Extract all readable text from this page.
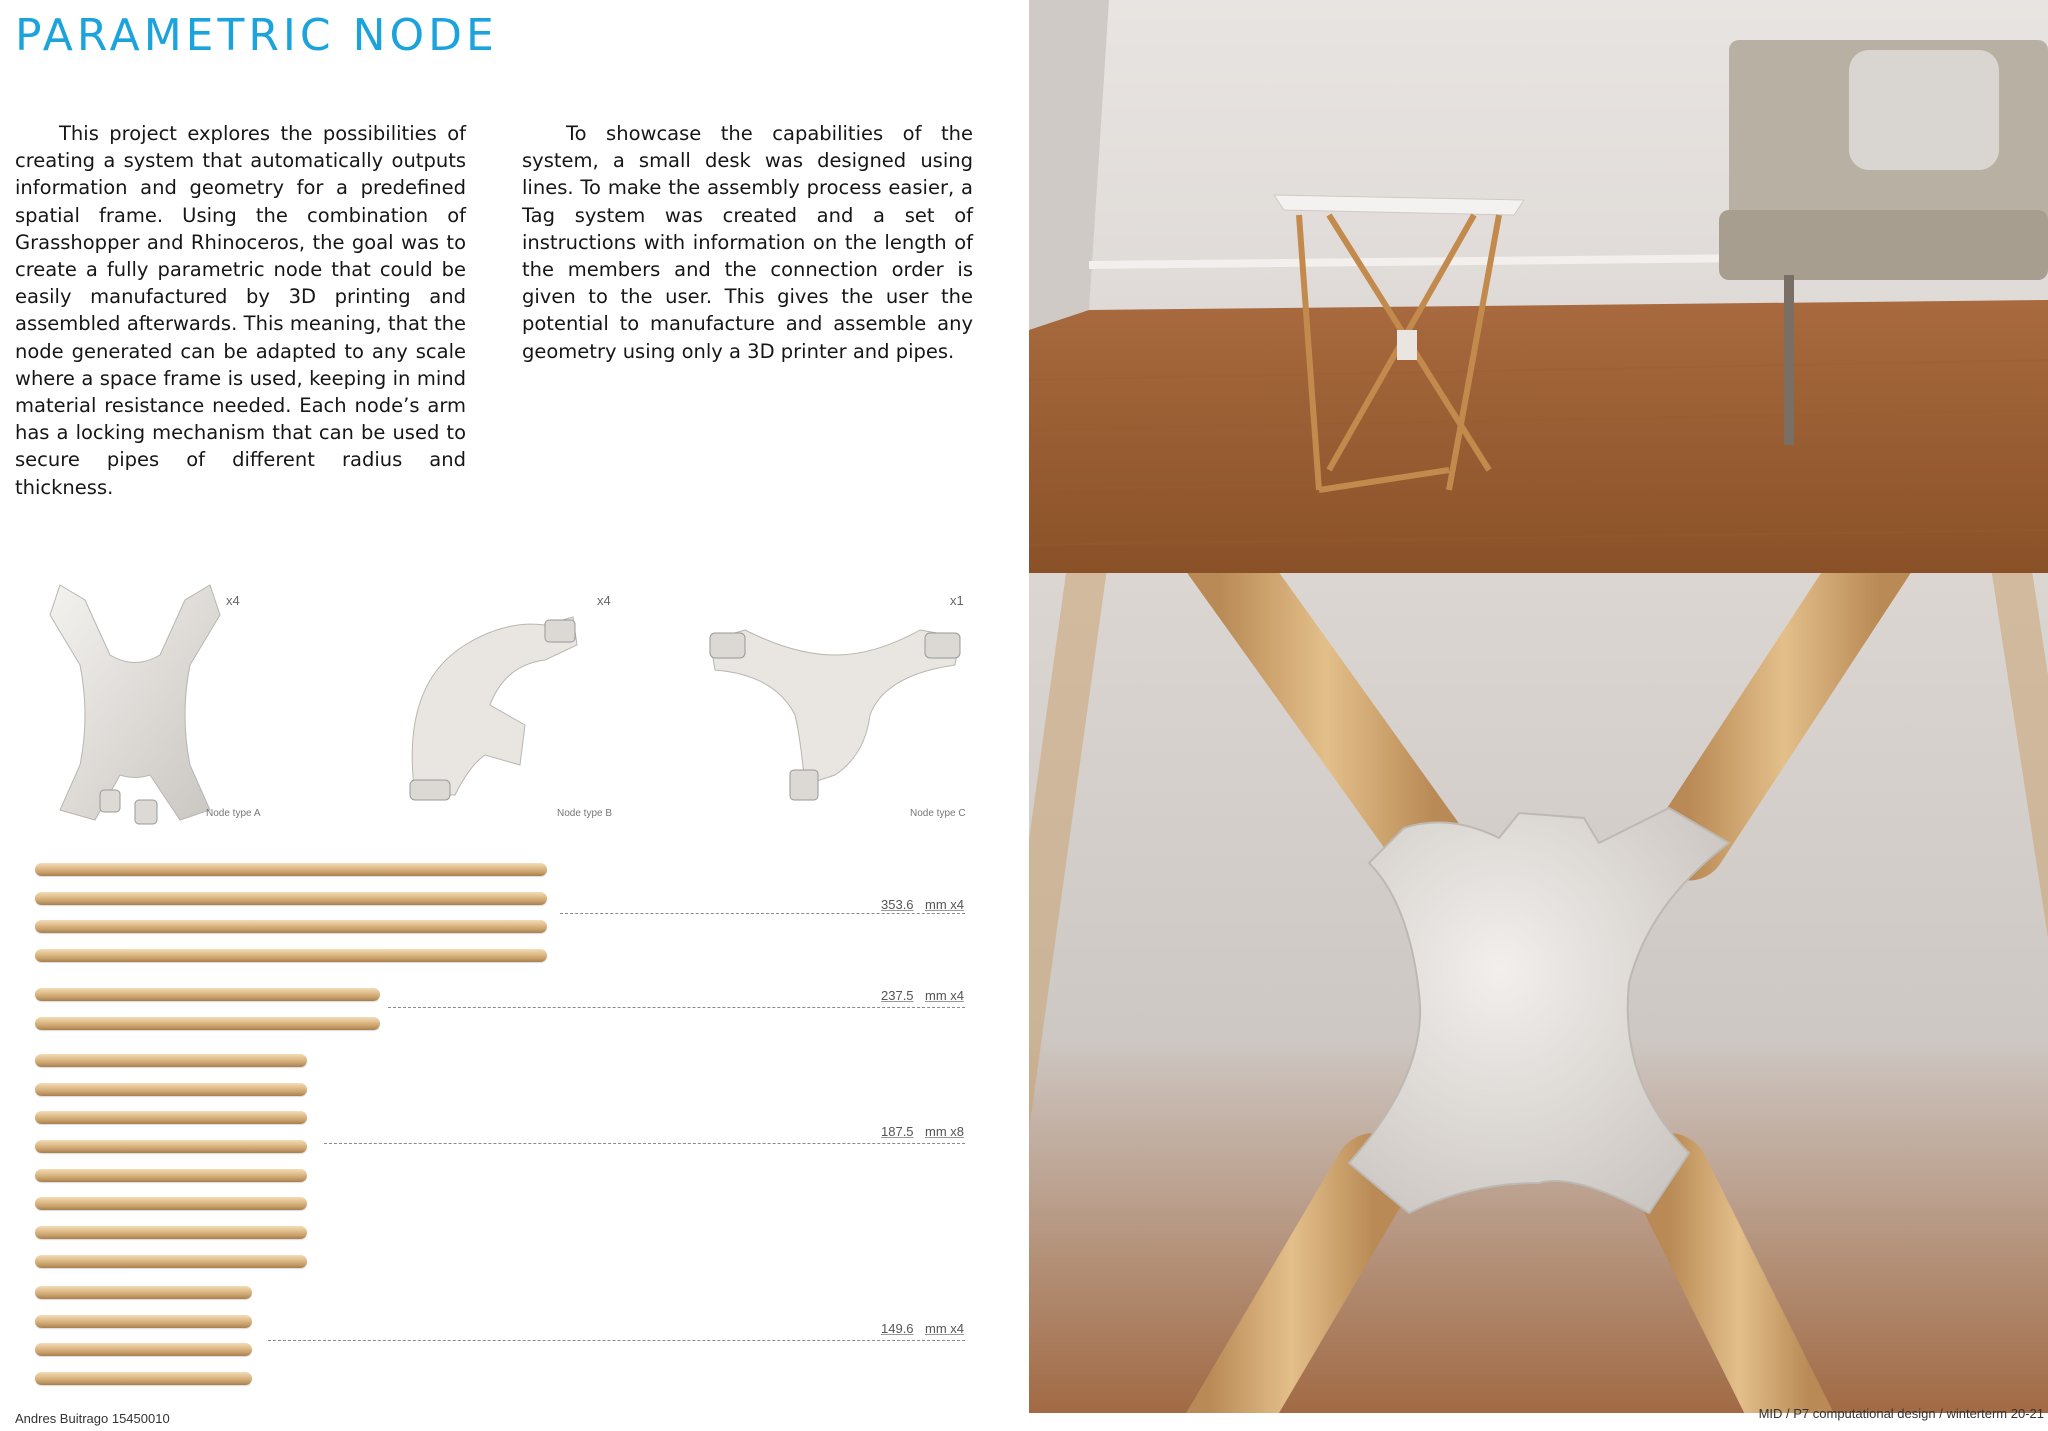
PARAMETRIC NODE

This project explores the possibilities of creating a system that automatically outputs information and geometry for a predefined spatial frame. Using the combination of Grasshopper and Rhinoceros, the goal was to create a fully parametric node that could be easily manufactured by 3D printing and assembled afterwards. This meaning, that the node generated can be adapted to any scale where a space frame is used, keeping in mind material resistance needed. Each node’s arm has a locking mechanism that can be used to secure pipes of different radius and thickness.

To showcase the capabilities of the system, a small desk was designed using lines. To make the assembly process easier, a Tag system was created and a set of instructions with information on the length of the members and the connection order is given to the user. This gives the user the potential to manufacture and assemble any geometry using only a 3D printer and pipes.

x4
Node type A
x4
Node type B
x1
Node type C
353.6 mm x4
237.5 mm x4
187.5 mm x8
149.6 mm x4
Andres Buitrago 15450010	MID / P7 computational design / winterterm 20-21
